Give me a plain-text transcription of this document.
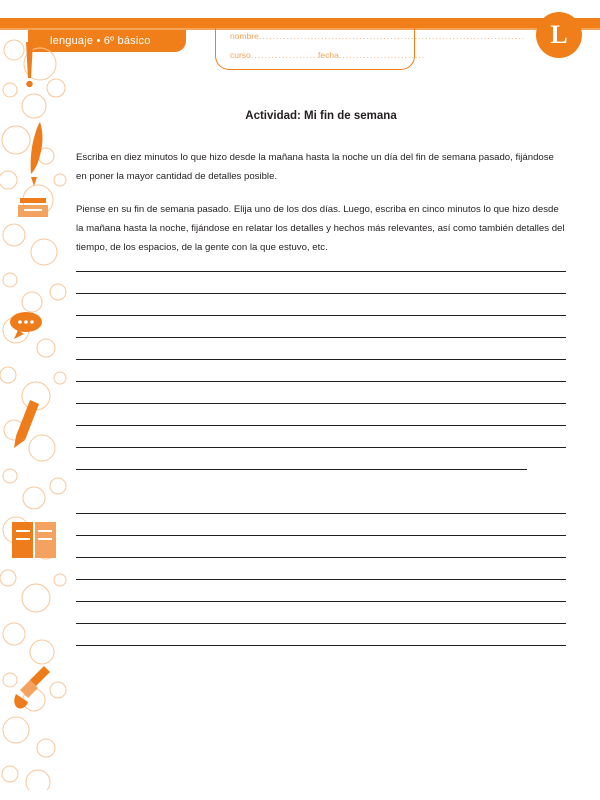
lenguaje • 6º básico	nombre.............................................................................
curso.....................
fecha.........................
L
Actividad: Mi fin de semana

Escriba en diez minutos lo que hizo desde la mañana hasta la noche un día del fin de semana pasado, fijándose en poner la mayor cantidad de detalles posible.

Piense en su fin de semana pasado. Elija uno de los dos días. Luego, escriba en cinco minutos lo que hizo desde la mañana hasta la noche, fijándose en relatar los detalles y hechos más relevantes, así como también detalles del tiempo, de los espacios, de la gente con la que estuvo, etc.
